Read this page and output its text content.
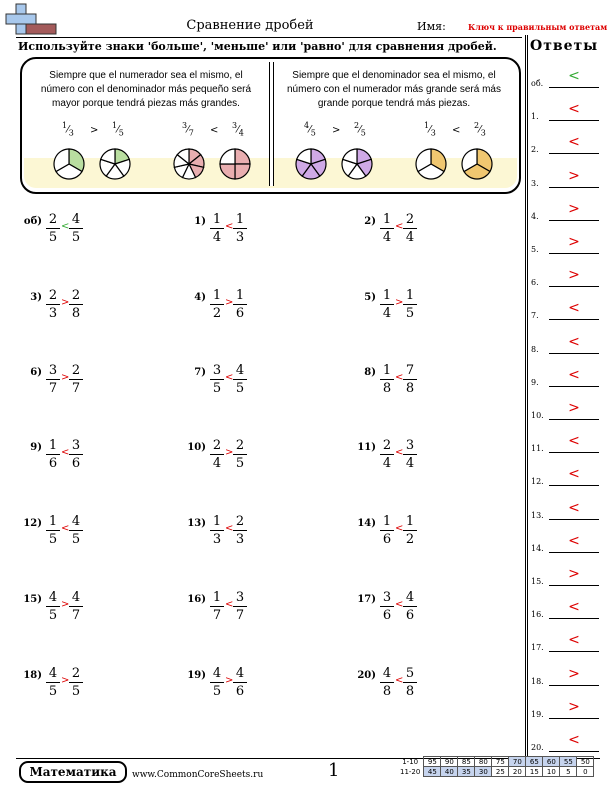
Сравнение дробей	Имя:	Ключ к правильным ответам
Используйте знаки 'больше', 'меньше' или 'равно' для сравнения дробей. Ответы
об.	<
1.	<
2.	<
3.	>
4.	>
5.	>
6.	>
7.	<
8.	<
9.	<
10.	>
11.	<
12.	<
13.	<
14.	<
15.	>
16.	<
17.	<
18.	>
19.	>
20.	<
Siempre que el numerador sea el mismo, el número con el denominador más pequeño será mayor porque tendrá piezas más grandes.
Siempre que el denominador sea el mismo, el número con el numerador más grande será más grande porque tendrá más piezas.
$^1⁄_3$ > $^1⁄_5$
$^3⁄_7$ < $^3⁄_4$
$^4⁄_5$ > $^2⁄_5$
$^1⁄_3$ < $^2⁄_3$
$об) \frac{2}{5} < \frac{4}{5}$	$1) \frac{1}{4} < \frac{1}{3}$	$2) \frac{1}{4} < \frac{2}{4}$
$3) \frac{2}{3} > \frac{2}{8}$	$4) \frac{1}{2} > \frac{1}{6}$	$5) \frac{1}{4} > \frac{1}{5}$
$6) \frac{3}{7} > \frac{2}{7}$	$7) \frac{3}{5} < \frac{4}{5}$	$8) \frac{1}{8} < \frac{7}{8}$
$9) \frac{1}{6} < \frac{3}{6}$	$10) \frac{2}{4} > \frac{2}{5}$	$11) \frac{2}{4} < \frac{3}{4}$
$12) \frac{1}{5} < \frac{4}{5}$	$13) \frac{1}{3} < \frac{2}{3}$	$14) \frac{1}{6} < \frac{1}{2}$
$15) \frac{4}{5} > \frac{4}{7}$	$16) \frac{1}{7} < \frac{3}{7}$	$17) \frac{3}{6} < \frac{4}{6}$
$18) \frac{4}{5} > \frac{2}{5}$	$19) \frac{4}{5} > \frac{4}{6}$	$20) \frac{4}{8} < \frac{5}{8}$
Математика	www.CommonCoreSheets.ru	1	1-10	95	90	85	80	75	70	65	60	55	50
11-20	45	40	35	30	25	20	15	10	5	0
